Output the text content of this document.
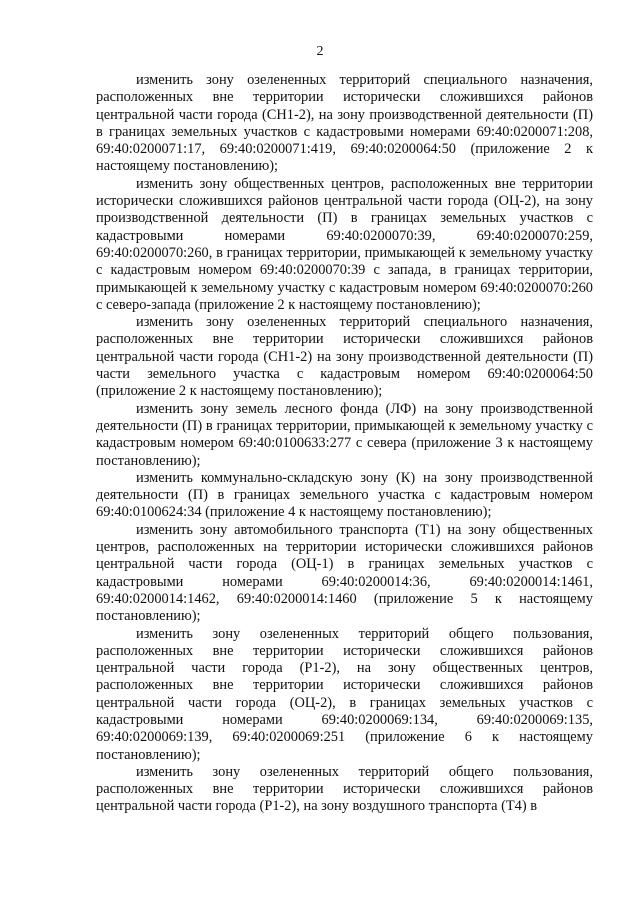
2

изменить зону озелененных территорий специального назначения, расположенных вне территории исторически сложившихся районов центральной части города (СН1-2), на зону производственной деятельности (П) в границах земельных участков с кадастровыми номерами 69:40:0200071:208, 69:40:0200071:17, 69:40:0200071:419, 69:40:0200064:50 (приложение 2 к настоящему постановлению);

изменить зону общественных центров, расположенных вне территории исторически сложившихся районов центральной части города (ОЦ-2), на зону производственной деятельности (П) в границах земельных участков с кадастровыми номерами 69:40:0200070:39, 69:40:0200070:259, 69:40:0200070:260, в границах территории, примыкающей к земельному участку с кадастровым номером 69:40:0200070:39 с запада, в границах территории, примыкающей к земельному участку с кадастровым номером 69:40:0200070:260 с северо-запада (приложение 2 к настоящему постановлению);

изменить зону озелененных территорий специального назначения, расположенных вне территории исторически сложившихся районов центральной части города (СН1-2) на зону производственной деятельности (П) части земельного участка с кадастровым номером 69:40:0200064:50 (приложение 2 к настоящему постановлению);

изменить зону земель лесного фонда (ЛФ) на зону производственной деятельности (П) в границах территории, примыкающей к земельному участку с кадастровым номером 69:40:0100633:277 с севера (приложение 3 к настоящему постановлению);

изменить коммунально-складскую зону (К) на зону производственной деятельности (П) в границах земельного участка с кадастровым номером 69:40:0100624:34 (приложение 4 к настоящему постановлению);

изменить зону автомобильного транспорта (Т1) на зону общественных центров, расположенных на территории исторически сложившихся районов центральной части города (ОЦ-1) в границах земельных участков с кадастровыми номерами 69:40:0200014:36, 69:40:0200014:1461, 69:40:0200014:1462, 69:40:0200014:1460 (приложение 5 к настоящему постановлению);

изменить зону озелененных территорий общего пользования, расположенных вне территории исторически сложившихся районов центральной части города (Р1-2), на зону общественных центров, расположенных вне территории исторически сложившихся районов центральной части города (ОЦ-2), в границах земельных участков с кадастровыми номерами 69:40:0200069:134, 69:40:0200069:135, 69:40:0200069:139, 69:40:0200069:251 (приложение 6 к настоящему постановлению);

изменить зону озелененных территорий общего пользования, расположенных вне территории исторически сложившихся районов центральной части города (Р1-2), на зону воздушного транспорта (Т4) в
